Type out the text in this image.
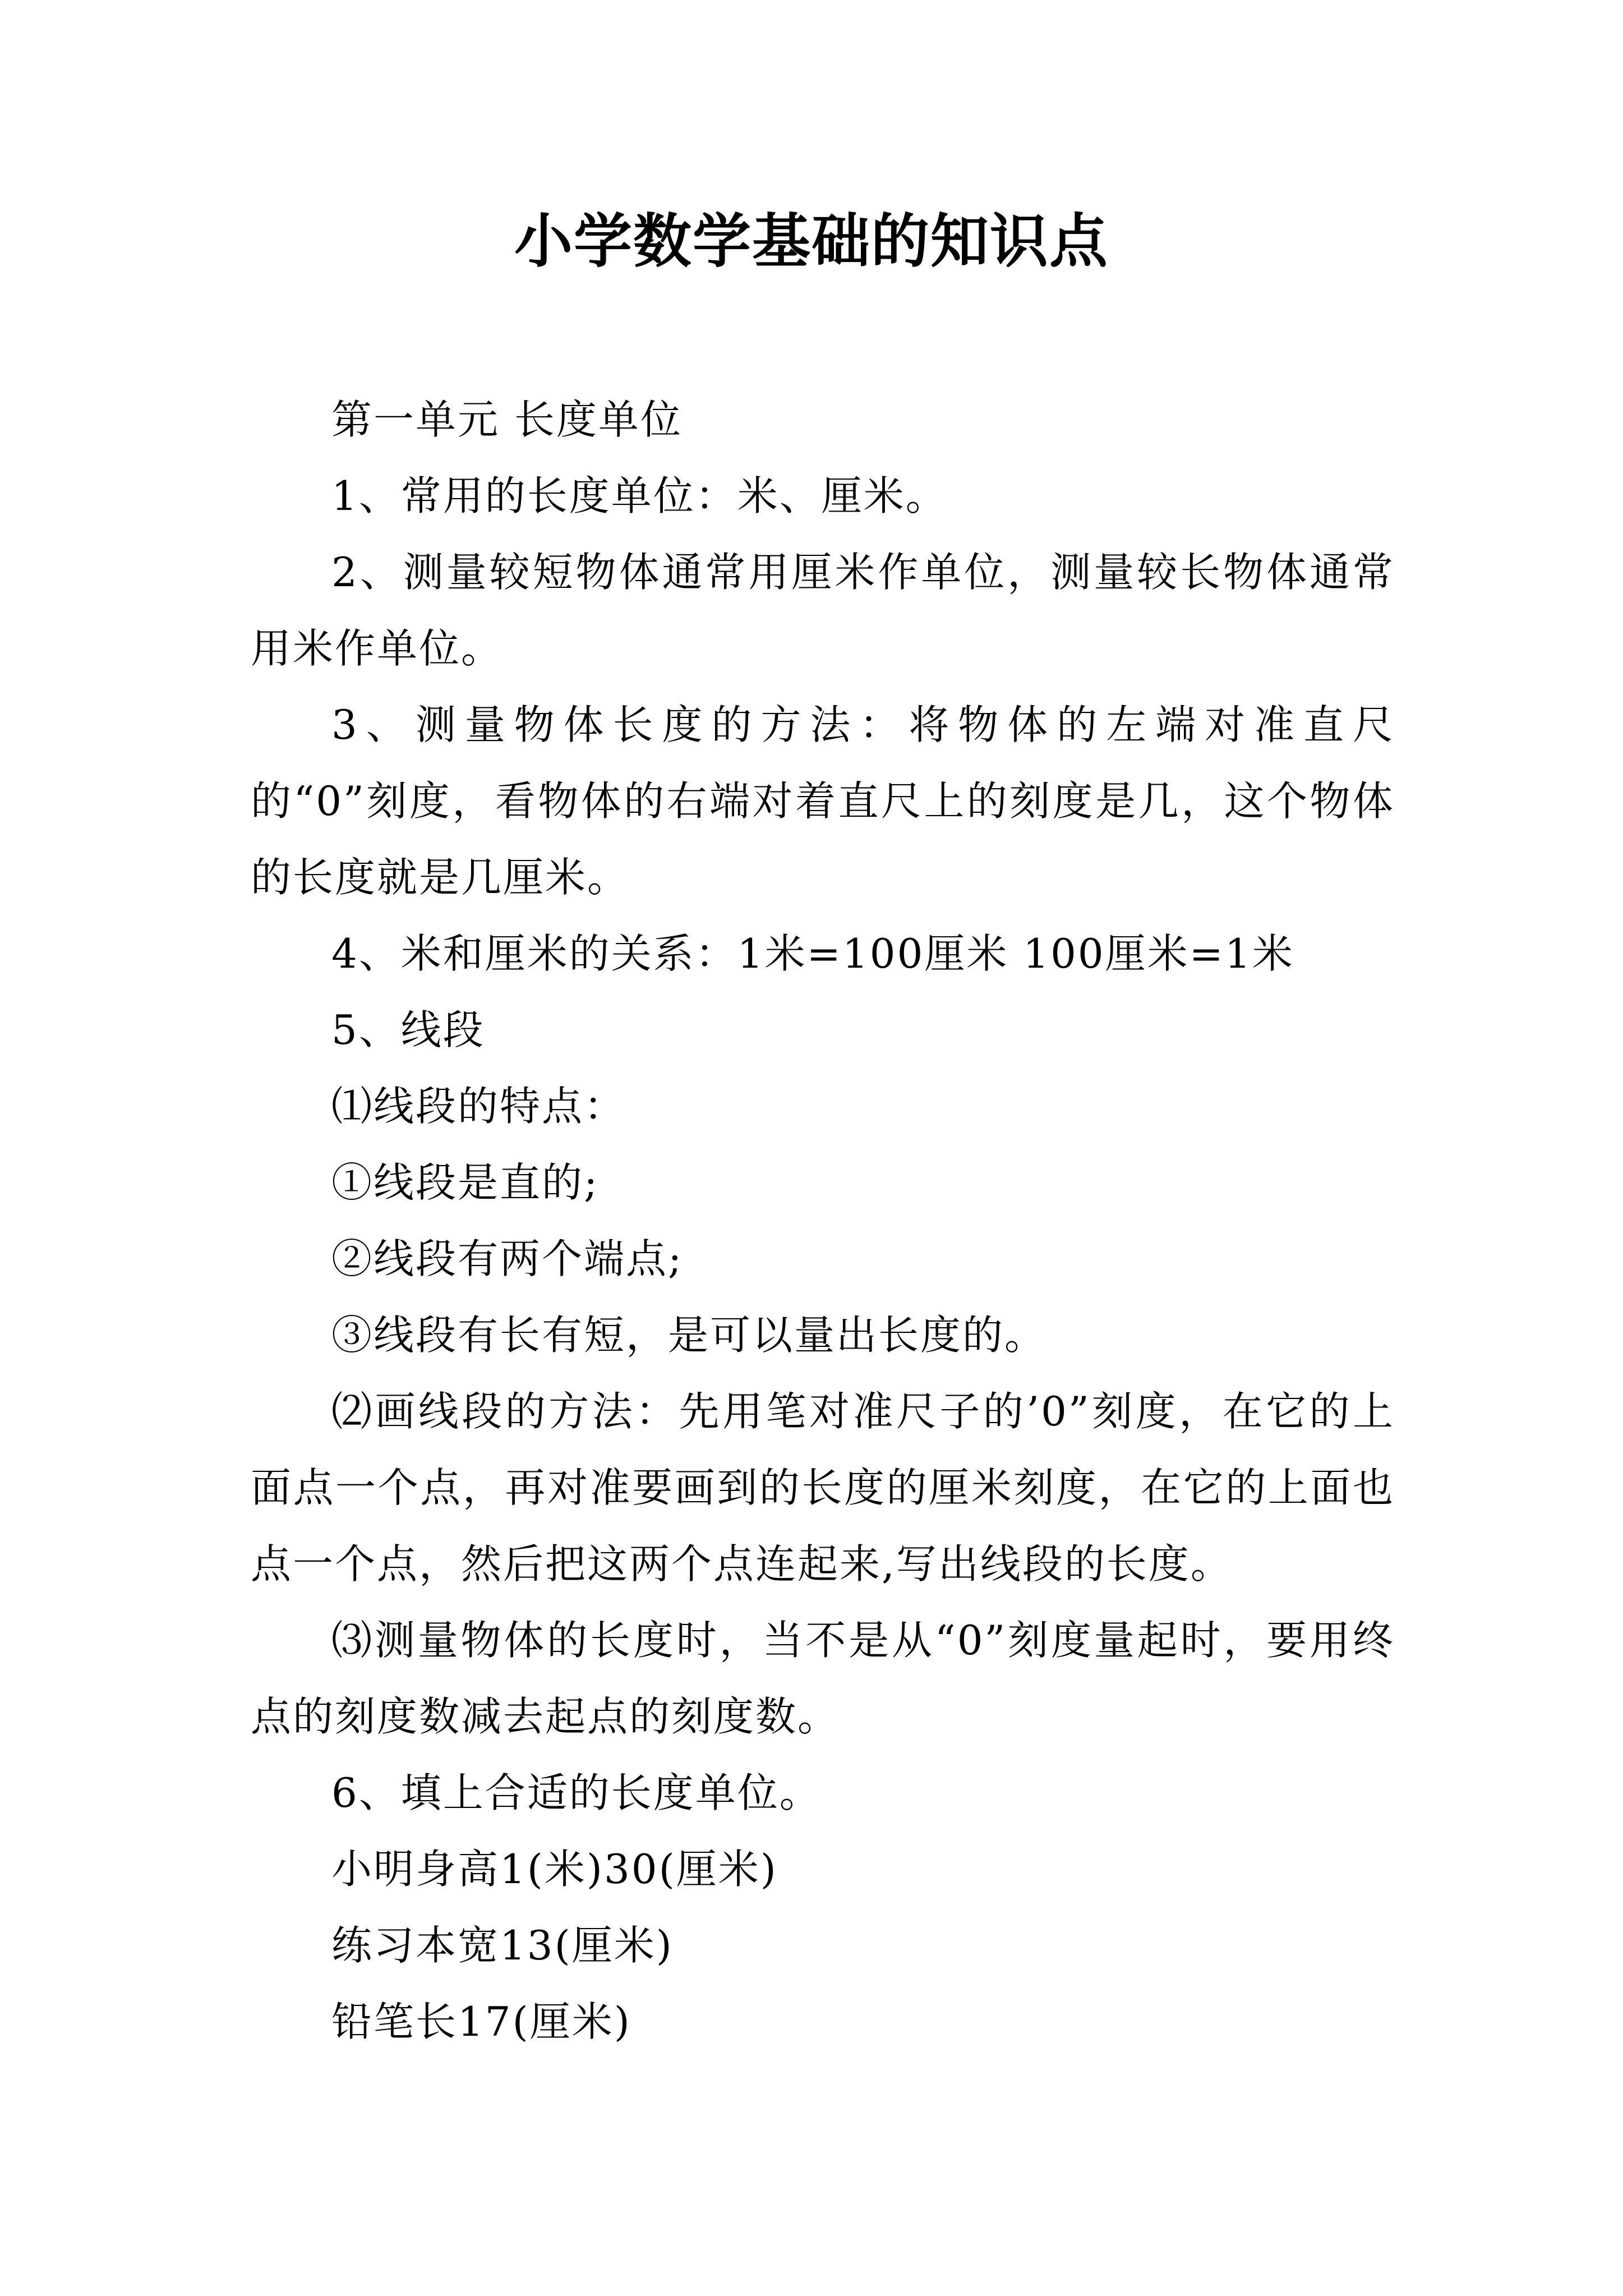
小学数学基础的知识点

第一单元 长度单位

1、常用的长度单位：米、厘米。

2、测量较短物体通常用厘米作单位，测量较长物体通常用米作单位。

3、测量物体长度的方法：将物体的左端对准直尺的“0”刻度，看物体的右端对着直尺上的刻度是几，这个物体的长度就是几厘米。

4、米和厘米的关系：1米=100厘米 100厘米=1米

5、线段

⑴线段的特点：

①线段是直的;

②线段有两个端点;

③线段有长有短，是可以量出长度的。

⑵画线段的方法：先用笔对准尺子的’0”刻度，在它的上面点一个点，再对准要画到的长度的厘米刻度，在它的上面也点一个点，然后把这两个点连起来,写出线段的长度。

⑶测量物体的长度时，当不是从“0”刻度量起时，要用终点的刻度数减去起点的刻度数。

6、填上合适的长度单位。

小明身高1(米)30(厘米)

练习本宽13(厘米)

铅笔长17(厘米)
